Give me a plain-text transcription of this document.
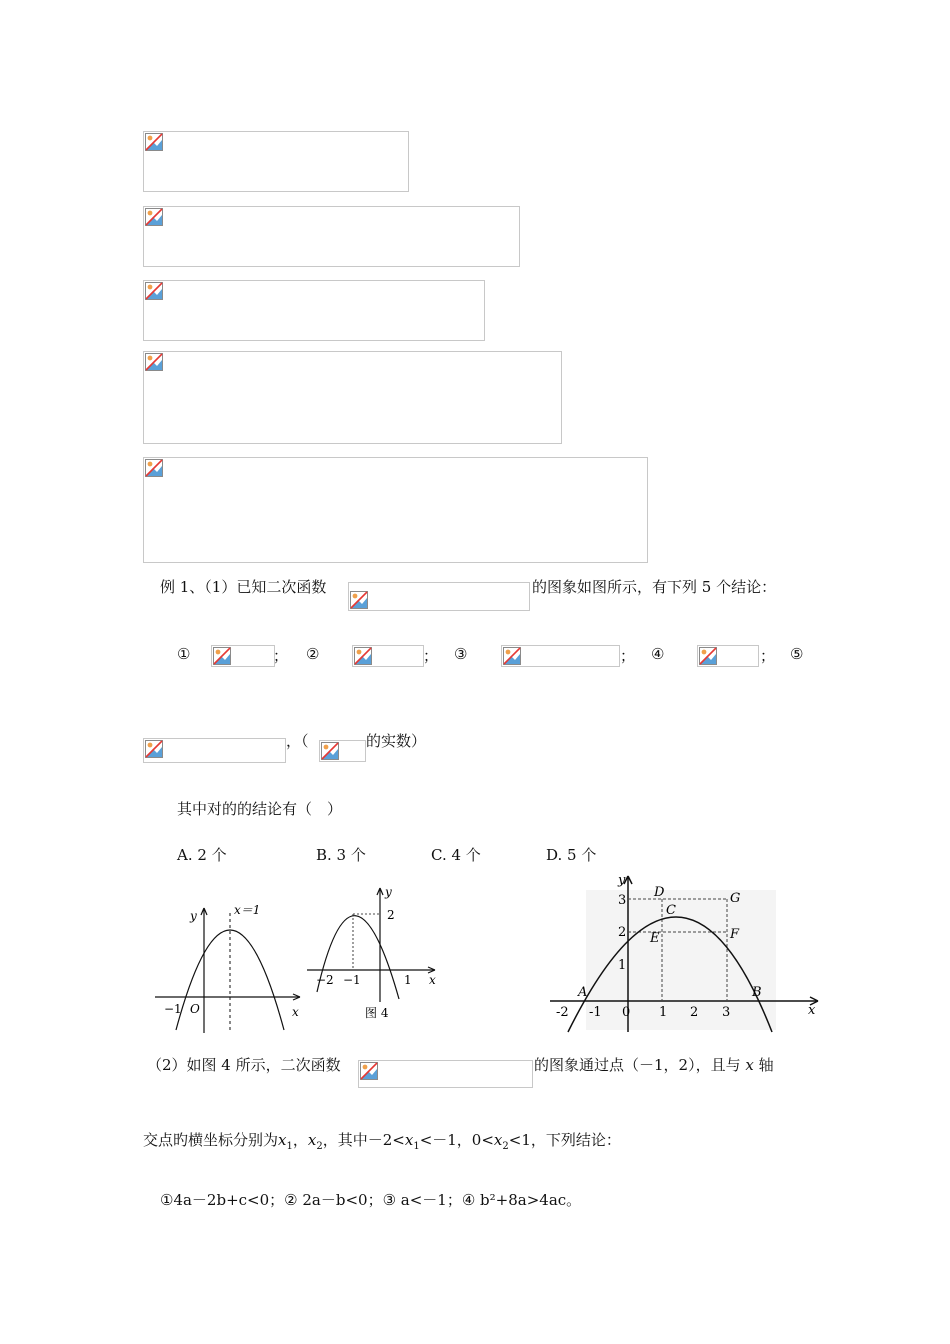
例 1、（1）已知二次函数	的图象如图所示，有下列 5 个结论：
①	； ②	； ③	； ④	； ⑤
，（	的实数）
其中对的的结论有（　）
A. 2 个	B. 3 个	C. 4 个	D. 5 个
x＝1
y
x
−1 O
y
2
x
−2 −1	1
图 4
y
x
A	B
C
D
E	F
G
3
2
1
-2 -1 0 1 2 3
（2）如图 4 所示，二次函数	的图象通过点（－1，2），且与 x 轴
交点旳横坐标分别为$x_1$，$x_2$，其中$-2<x_1<-1$，$0<x_2<1$，下列结论：
①4a－2b+c<0；② 2a－b<0；③ a<－1；④ b²+8a>4ac。
